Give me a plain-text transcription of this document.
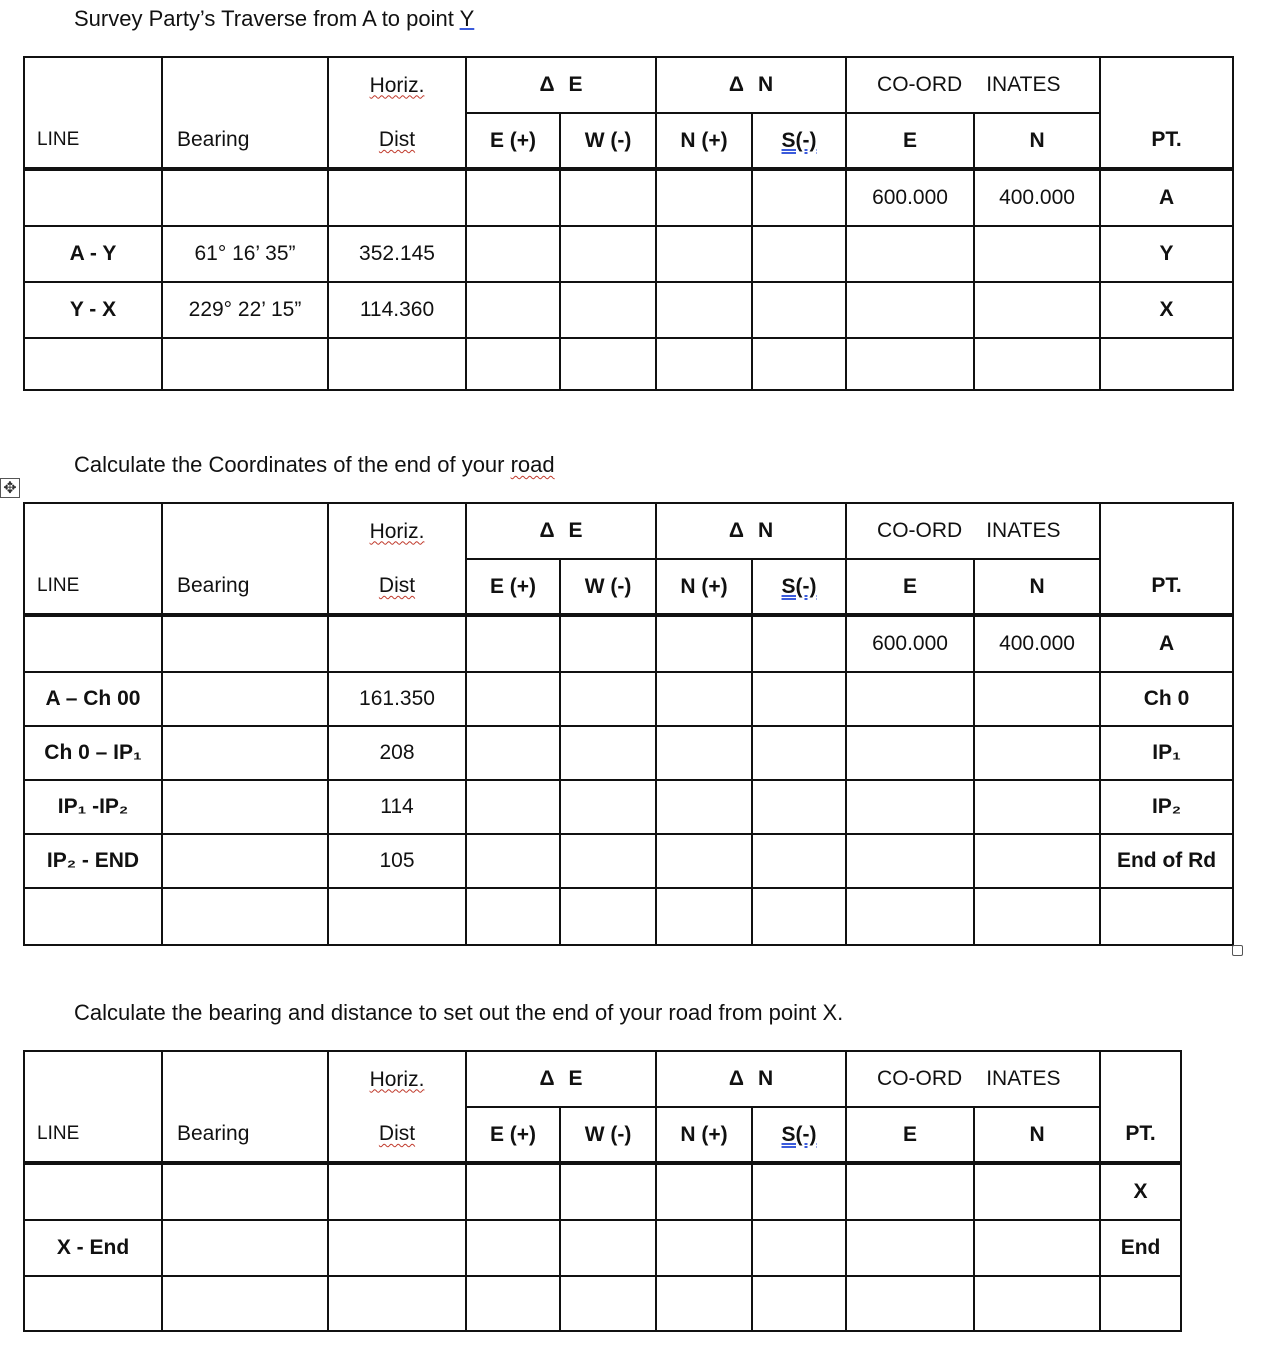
Survey Party’s Traverse from A to point Y
		Horiz.	Δ E		Δ N		CO-ORD INATES		
LINE	Bearing	Dist	E (+)	W (-)	N (+)	S(-)	E	N	PT.
							600.000	400.000	A
A - Y	61° 16’ 35”	352.145							Y
Y - X	229° 22’ 15”	114.360							X

Calculate the Coordinates of the end of your road
✥
		Horiz.	Δ E		Δ N		CO-ORD INATES		
LINE	Bearing	Dist	E (+)	W (-)	N (+)	S(-)	E	N	PT.
							600.000	400.000	A
A – Ch 00		161.350							Ch 0
Ch 0 – IP₁		208							IP₁
IP₁ -IP₂		114							IP₂
IP₂ - END		105							End of Rd

Calculate the bearing and distance to set out the end of your road from point X.
		Horiz.	Δ E		Δ N		CO-ORD INATES		
LINE	Bearing	Dist	E (+)	W (-)	N (+)	S(-)	E	N	PT.
									X
X - End									End
